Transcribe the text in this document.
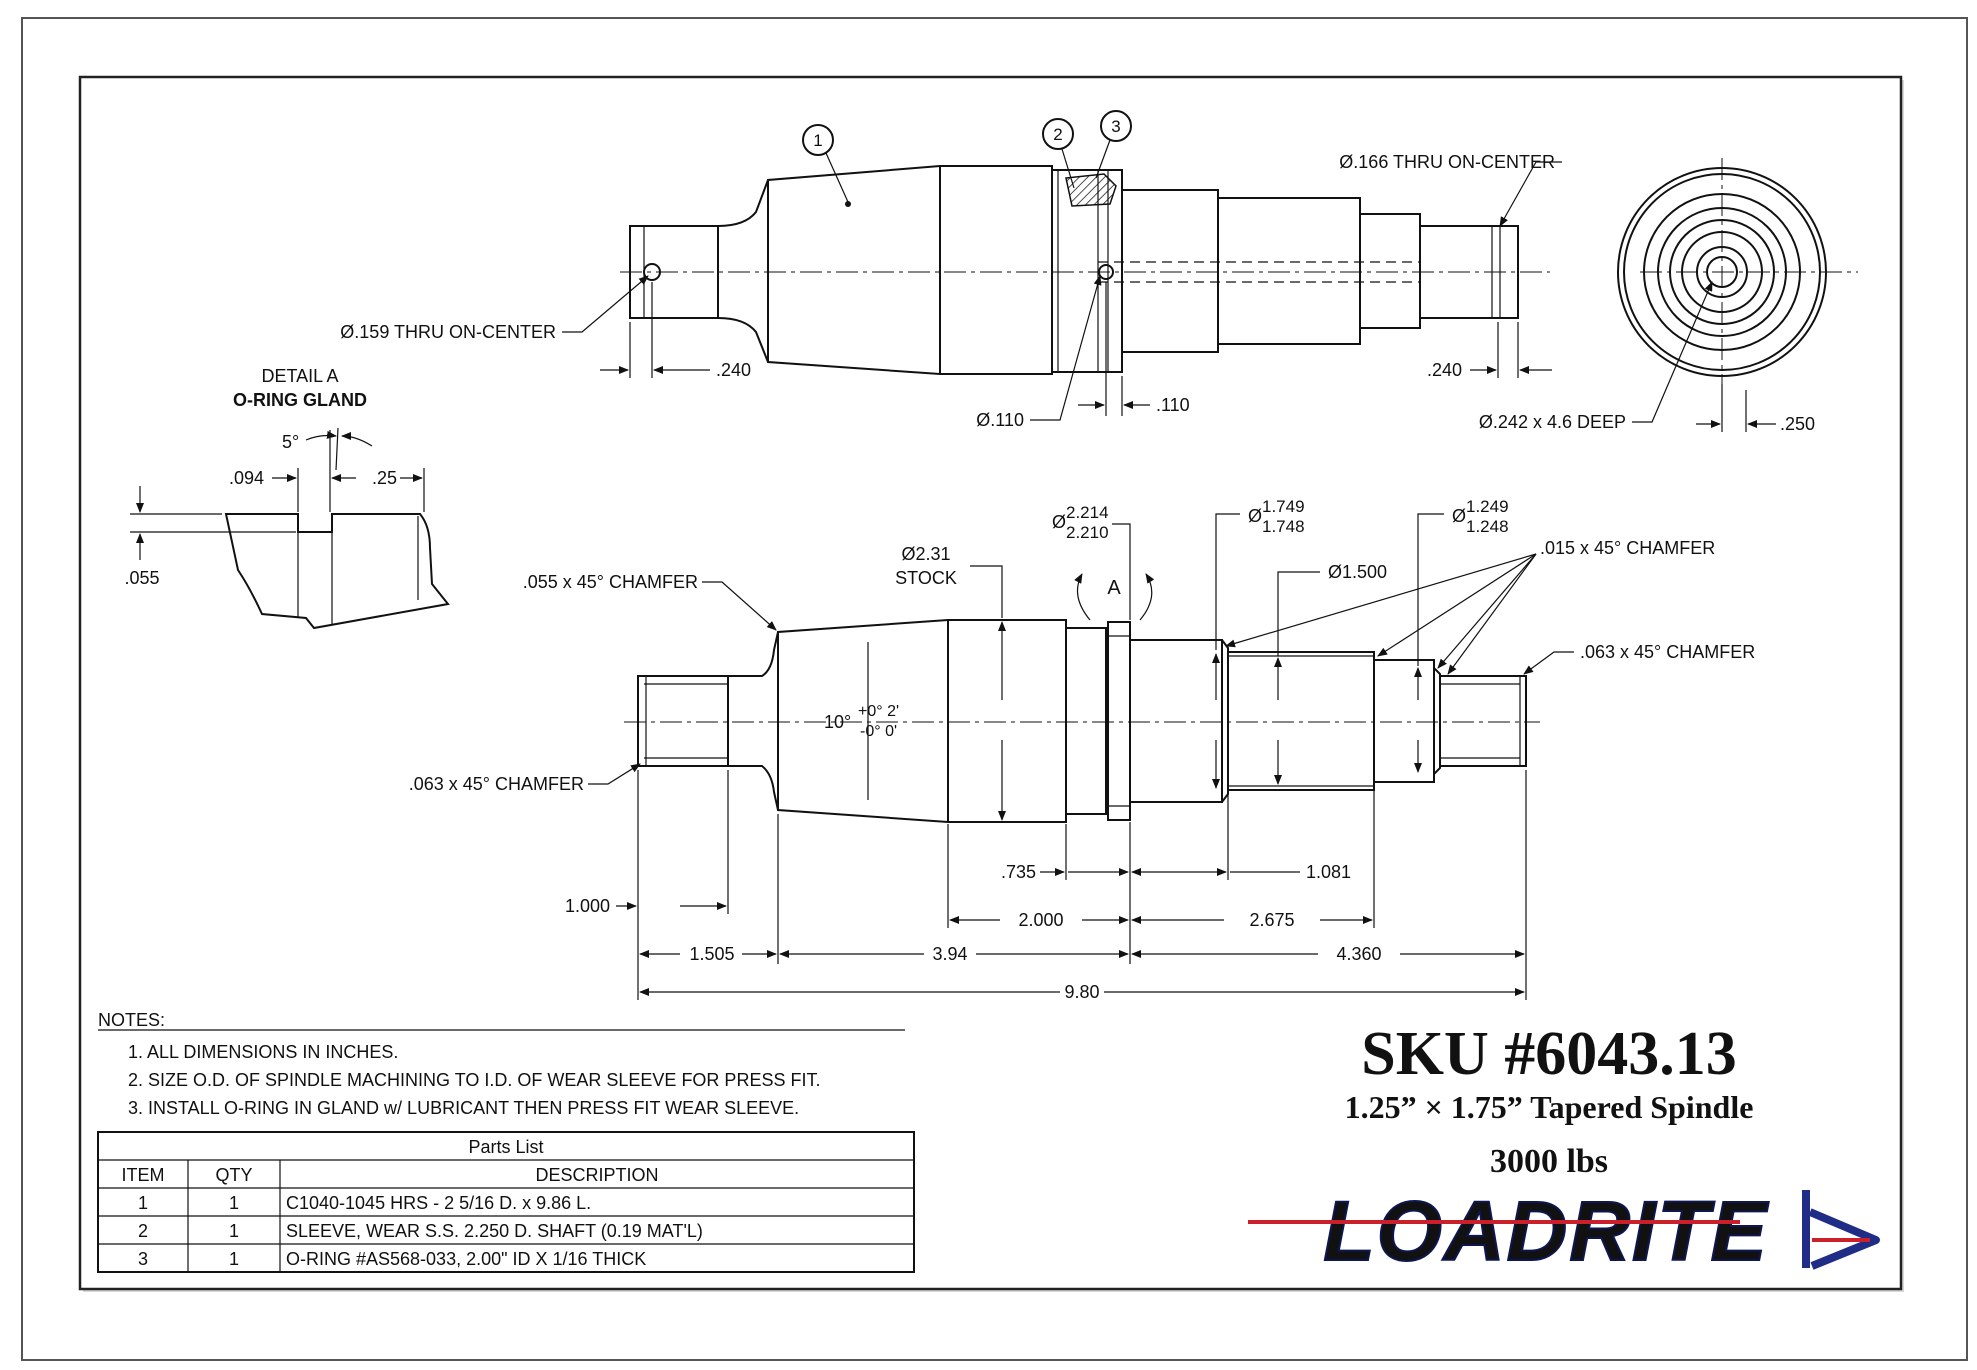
1	2	3
Ø.159 THRU ON-CENTER
Ø.166 THRU ON-CENTER
.240	.240
.110
Ø.110	Ø.242 x 4.6 DEEP	.250
DETAIL A
O-RING GLAND
.094	.25
5°
.055
10°
+0° 2'
-0° 0'
Ø2.31
STOCK
Ø 2.214
2.210
A
Ø 1.749
1.748
Ø1.500
Ø 1.249
1.248
.055 x 45° CHAMFER
.063 x 45° CHAMFER
.063 x 45° CHAMFER
.015 x 45° CHAMFER
.735	1.081
1.000
2.000	2.675
1.505	3.94	4.360
9.80
NOTES:
1. ALL DIMENSIONS IN INCHES.
2. SIZE O.D. OF SPINDLE MACHINING TO I.D. OF WEAR SLEEVE FOR PRESS FIT.
3. INSTALL O-RING IN GLAND w/ LUBRICANT THEN PRESS FIT WEAR SLEEVE.
Parts List
ITEM	QTY	DESCRIPTION
1	1	C1040-1045 HRS - 2 5/16 D. x 9.86 L.
2	1	SLEEVE, WEAR S.S. 2.250 D. SHAFT (0.19 MAT'L)
3	1	O-RING #AS568-033, 2.00" ID X 1/16 THICK
SKU #6043.13
1.25” × 1.75” Tapered Spindle
3000 lbs
LOADRITE
